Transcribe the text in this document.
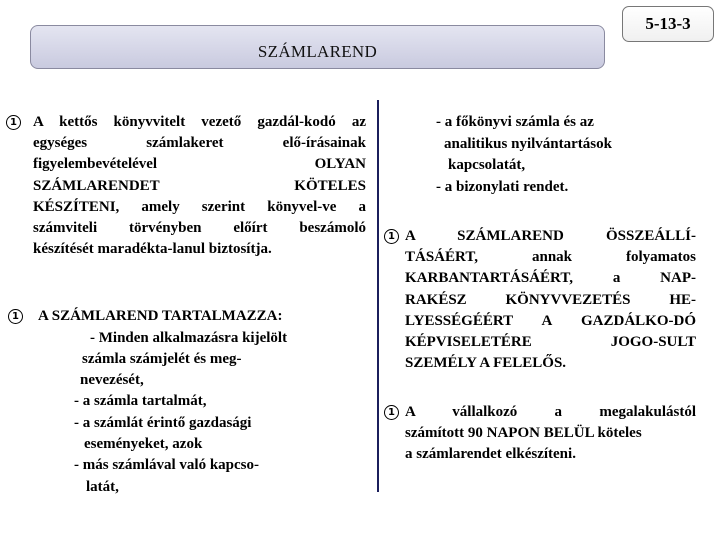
5-13-3
SZÁMLAREND
1 A kettős könyvvitelt vezető gazdál-kodó az
egységes számlakeret elő-írásainak
figyelembevételével OLYAN
SZÁMLARENDET KÖTELES
KÉSZÍTENI, amely szerint könyvel-ve a
számviteli törvényben előírt beszámoló
készítését maradékta-lanul biztosítja.
1 A SZÁMLAREND TARTALMAZZA:
- Minden alkalmazásra kijelölt
számla számjelét és meg-
nevezését,
- a számla tartalmát,
- a számlát érintő gazdasági
eseményeket, azok
- más számlával való kapcso-
latát,
- a főkönyvi számla és az
analitikus nyilvántartások
kapcsolatát,
- a bizonylati rendet.
1 A SZÁMLAREND ÖSSZEÁLLÍ-
TÁSÁÉRT, annak folyamatos
KARBANTARTÁSÁÉRT, a NAP-
RAKÉSZ KÖNYVVEZETÉS HE-
LYESSÉGÉÉRT A GAZDÁLKO-DÓ
KÉPVISELETÉRE JOGO-SULT
SZEMÉLY A FELELŐS.
1 A vállalkozó a megalakulástól
számított 90 NAPON BELÜL köteles
a számlarendet elkészíteni.
